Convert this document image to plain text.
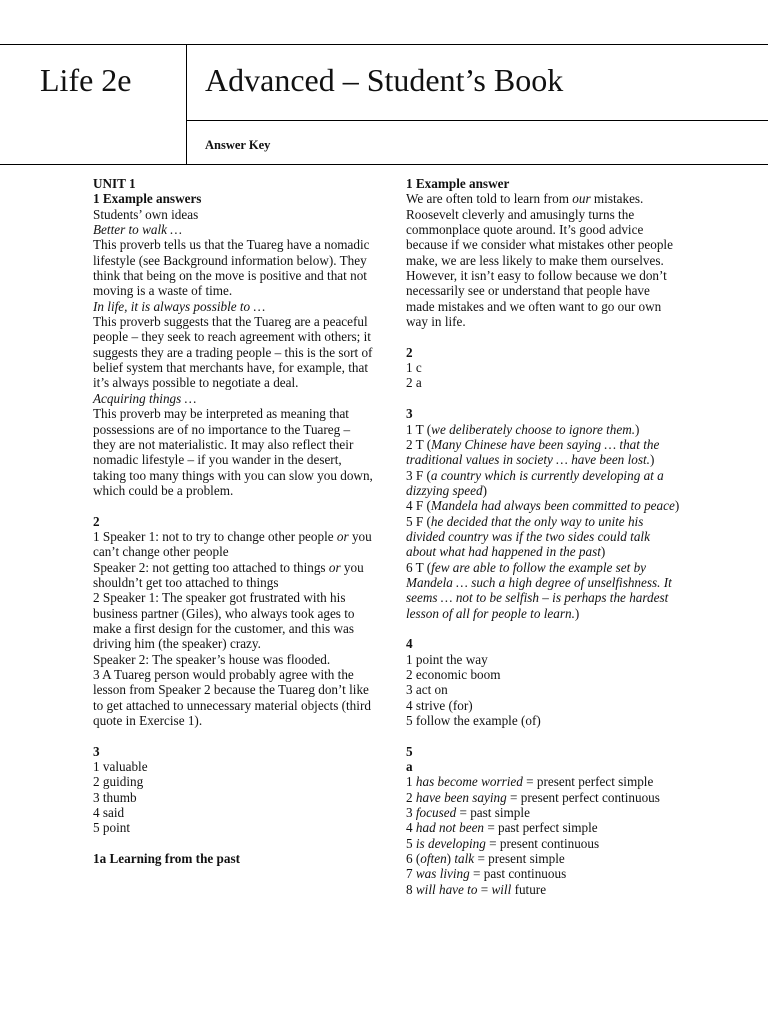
Life 2e Advanced – Student’s Book
Answer Key

UNIT 1

1 Example answers

Students’ own ideas

Better to walk …

This proverb tells us that the Tuareg have a nomadic lifestyle (see Background information below). They think that being on the move is positive and that not moving is a waste of time.

In life, it is always possible to …

This proverb suggests that the Tuareg are a peaceful people – they seek to reach agreement with others; it suggests they are a trading people – this is the sort of belief system that merchants have, for example, that it’s always possible to negotiate a deal.

Acquiring things …

This proverb may be interpreted as meaning that possessions are of no importance to the Tuareg – they are not materialistic. It may also reflect their nomadic lifestyle – if you wander in the desert, taking too many things with you can slow you down, which could be a problem.

2

1 Speaker 1: not to try to change other people or you can’t change other people

Speaker 2: not getting too attached to things or you shouldn’t get too attached to things

2 Speaker 1: The speaker got frustrated with his business partner (Giles), who always took ages to make a first design for the customer, and this was driving him (the speaker) crazy.

Speaker 2: The speaker’s house was flooded.

3 A Tuareg person would probably agree with the lesson from Speaker 2 because the Tuareg don’t like to get attached to unnecessary material objects (third quote in Exercise 1).

3

1 valuable

2 guiding

3 thumb

4 said

5 point

1a Learning from the past

1 Example answer

We are often told to learn from our mistakes. Roosevelt cleverly and amusingly turns the commonplace quote around. It’s good advice because if we consider what mistakes other people make, we are less likely to make them ourselves. However, it isn’t easy to follow because we don’t necessarily see or understand that people have made mistakes and we often want to go our own way in life.

2

1 c

2 a

3

1 T (we deliberately choose to ignore them.)

2 T (Many Chinese have been saying … that the traditional values in society … have been lost.)

3 F (a country which is currently developing at a dizzying speed)

4 F (Mandela had always been committed to peace)

5 F (he decided that the only way to unite his divided country was if the two sides could talk about what had happened in the past)

6 T (few are able to follow the example set by Mandela … such a high degree of unselfishness. It seems … not to be selfish – is perhaps the hardest lesson of all for people to learn.)

4

1 point the way

2 economic boom

3 act on

4 strive (for)

5 follow the example (of)

5

a

1 has become worried = present perfect simple

2 have been saying = present perfect continuous

3 focused = past simple

4 had not been = past perfect simple

5 is developing = present continuous

6 (often) talk = present simple

7 was living = past continuous

8 will have to = will future
